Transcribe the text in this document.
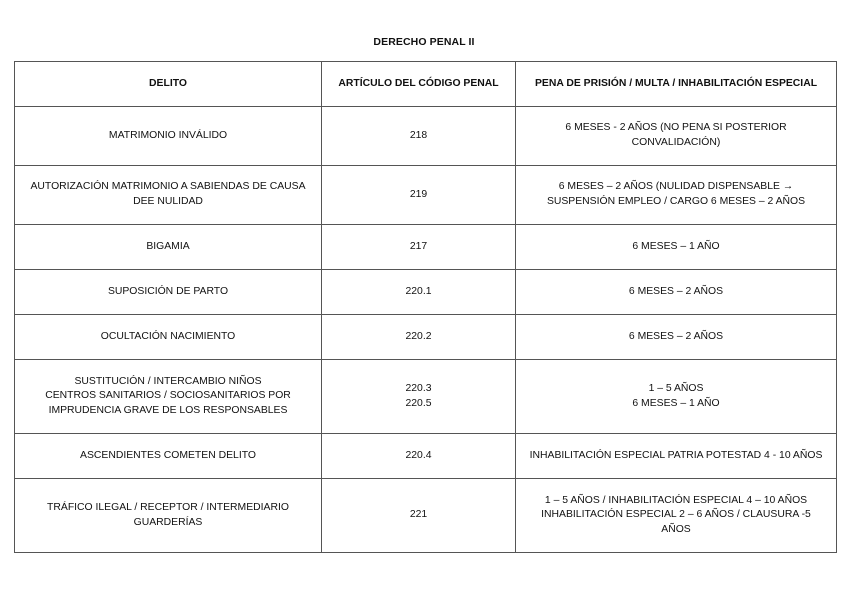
DERECHO PENAL II
DELITO	ARTÍCULO DEL CÓDIGO PENAL	PENA DE PRISIÓN / MULTA / INHABILITACIÓN ESPECIAL

MATRIMONIO INVÁLIDO	218	6 MESES - 2 AÑOS (NO PENA SI POSTERIOR
CONVALIDACIÓN)

AUTORIZACIÓN MATRIMONIO A SABIENDAS DE CAUSA
DEE NULIDAD	219	6 MESES – 2 AÑOS (NULIDAD DISPENSABLE →
SUSPENSIÓN EMPLEO / CARGO 6 MESES – 2 AÑOS

BIGAMIA	217	6 MESES – 1 AÑO

SUPOSICIÓN DE PARTO	220.1	6 MESES – 2 AÑOS

OCULTACIÓN NACIMIENTO	220.2	6 MESES – 2 AÑOS

SUSTITUCIÓN / INTERCAMBIO NIÑOS
CENTROS SANITARIOS / SOCIOSANITARIOS POR
IMPRUDENCIA GRAVE DE LOS RESPONSABLES	220.3
220.5	1 – 5 AÑOS
6 MESES – 1 AÑO

ASCENDIENTES COMETEN DELITO	220.4	INHABILITACIÓN ESPECIAL PATRIA POTESTAD 4 - 10 AÑOS

TRÁFICO ILEGAL / RECEPTOR / INTERMEDIARIO
GUARDERÍAS	221	1 – 5 AÑOS / INHABILITACIÓN ESPECIAL 4 – 10 AÑOS
INHABILITACIÓN ESPECIAL 2 – 6 AÑOS / CLAUSURA -5
AÑOS
